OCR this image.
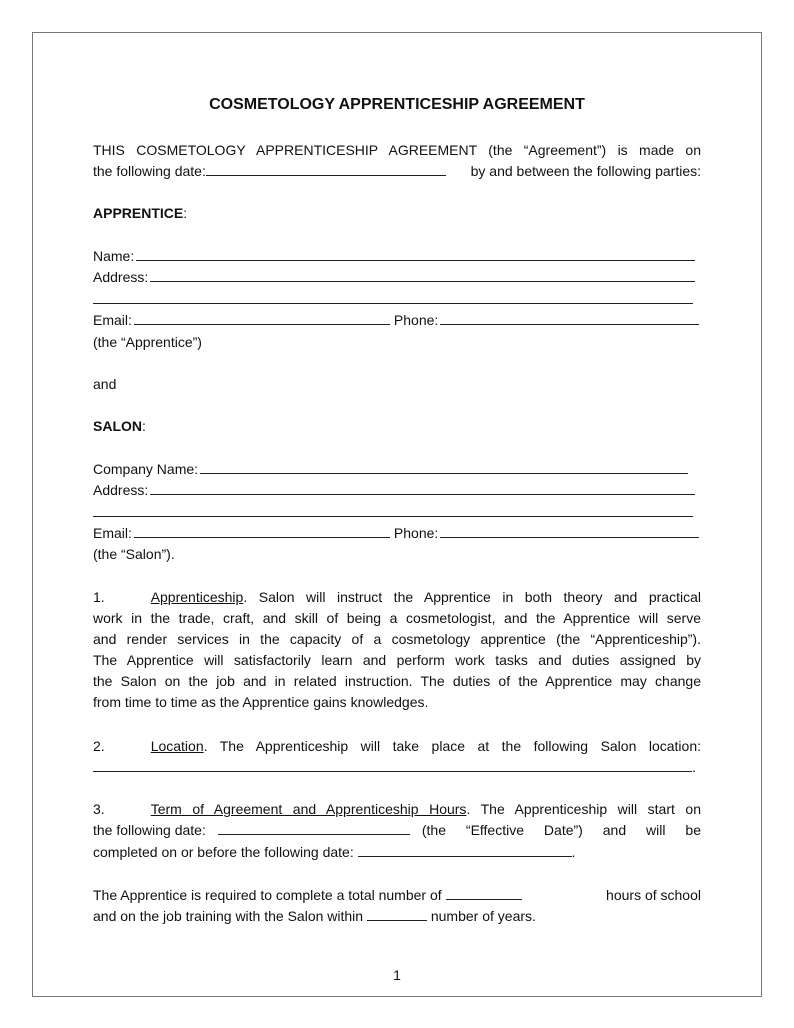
COSMETOLOGY APPRENTICESHIP AGREEMENT
THIS COSMETOLOGY APPRENTICESHIP AGREEMENT (the “Agreement”) is made on
the following date:	by and between the following parties:
APPRENTICE:
Name:
Address:
Email:	Phone:
(the “Apprentice”)
and
SALON:
Company Name:
Address:
Email:	Phone:
(the “Salon”).
1.	Apprenticeship. Salon will instruct the Apprentice in both theory and practical
work in the trade, craft, and skill of being a cosmetologist, and the Apprentice will serve
and render services in the capacity of a cosmetology apprentice (the “Apprenticeship”).
The Apprentice will satisfactorily learn and perform work tasks and duties assigned by
the Salon on the job and in related instruction. The duties of the Apprentice may change
from time to time as the Apprentice gains knowledges.
2.	Location. The Apprenticeship will take place at the following Salon location:
.
3.	Term of Agreement and Apprenticeship Hours. The Apprenticeship will start on
the following date:	(the “Effective Date”) and will be
completed on or before the following date:	.
The Apprentice is required to complete a total number of	hours of school
and on the job training with the Salon within	number of years.
1
